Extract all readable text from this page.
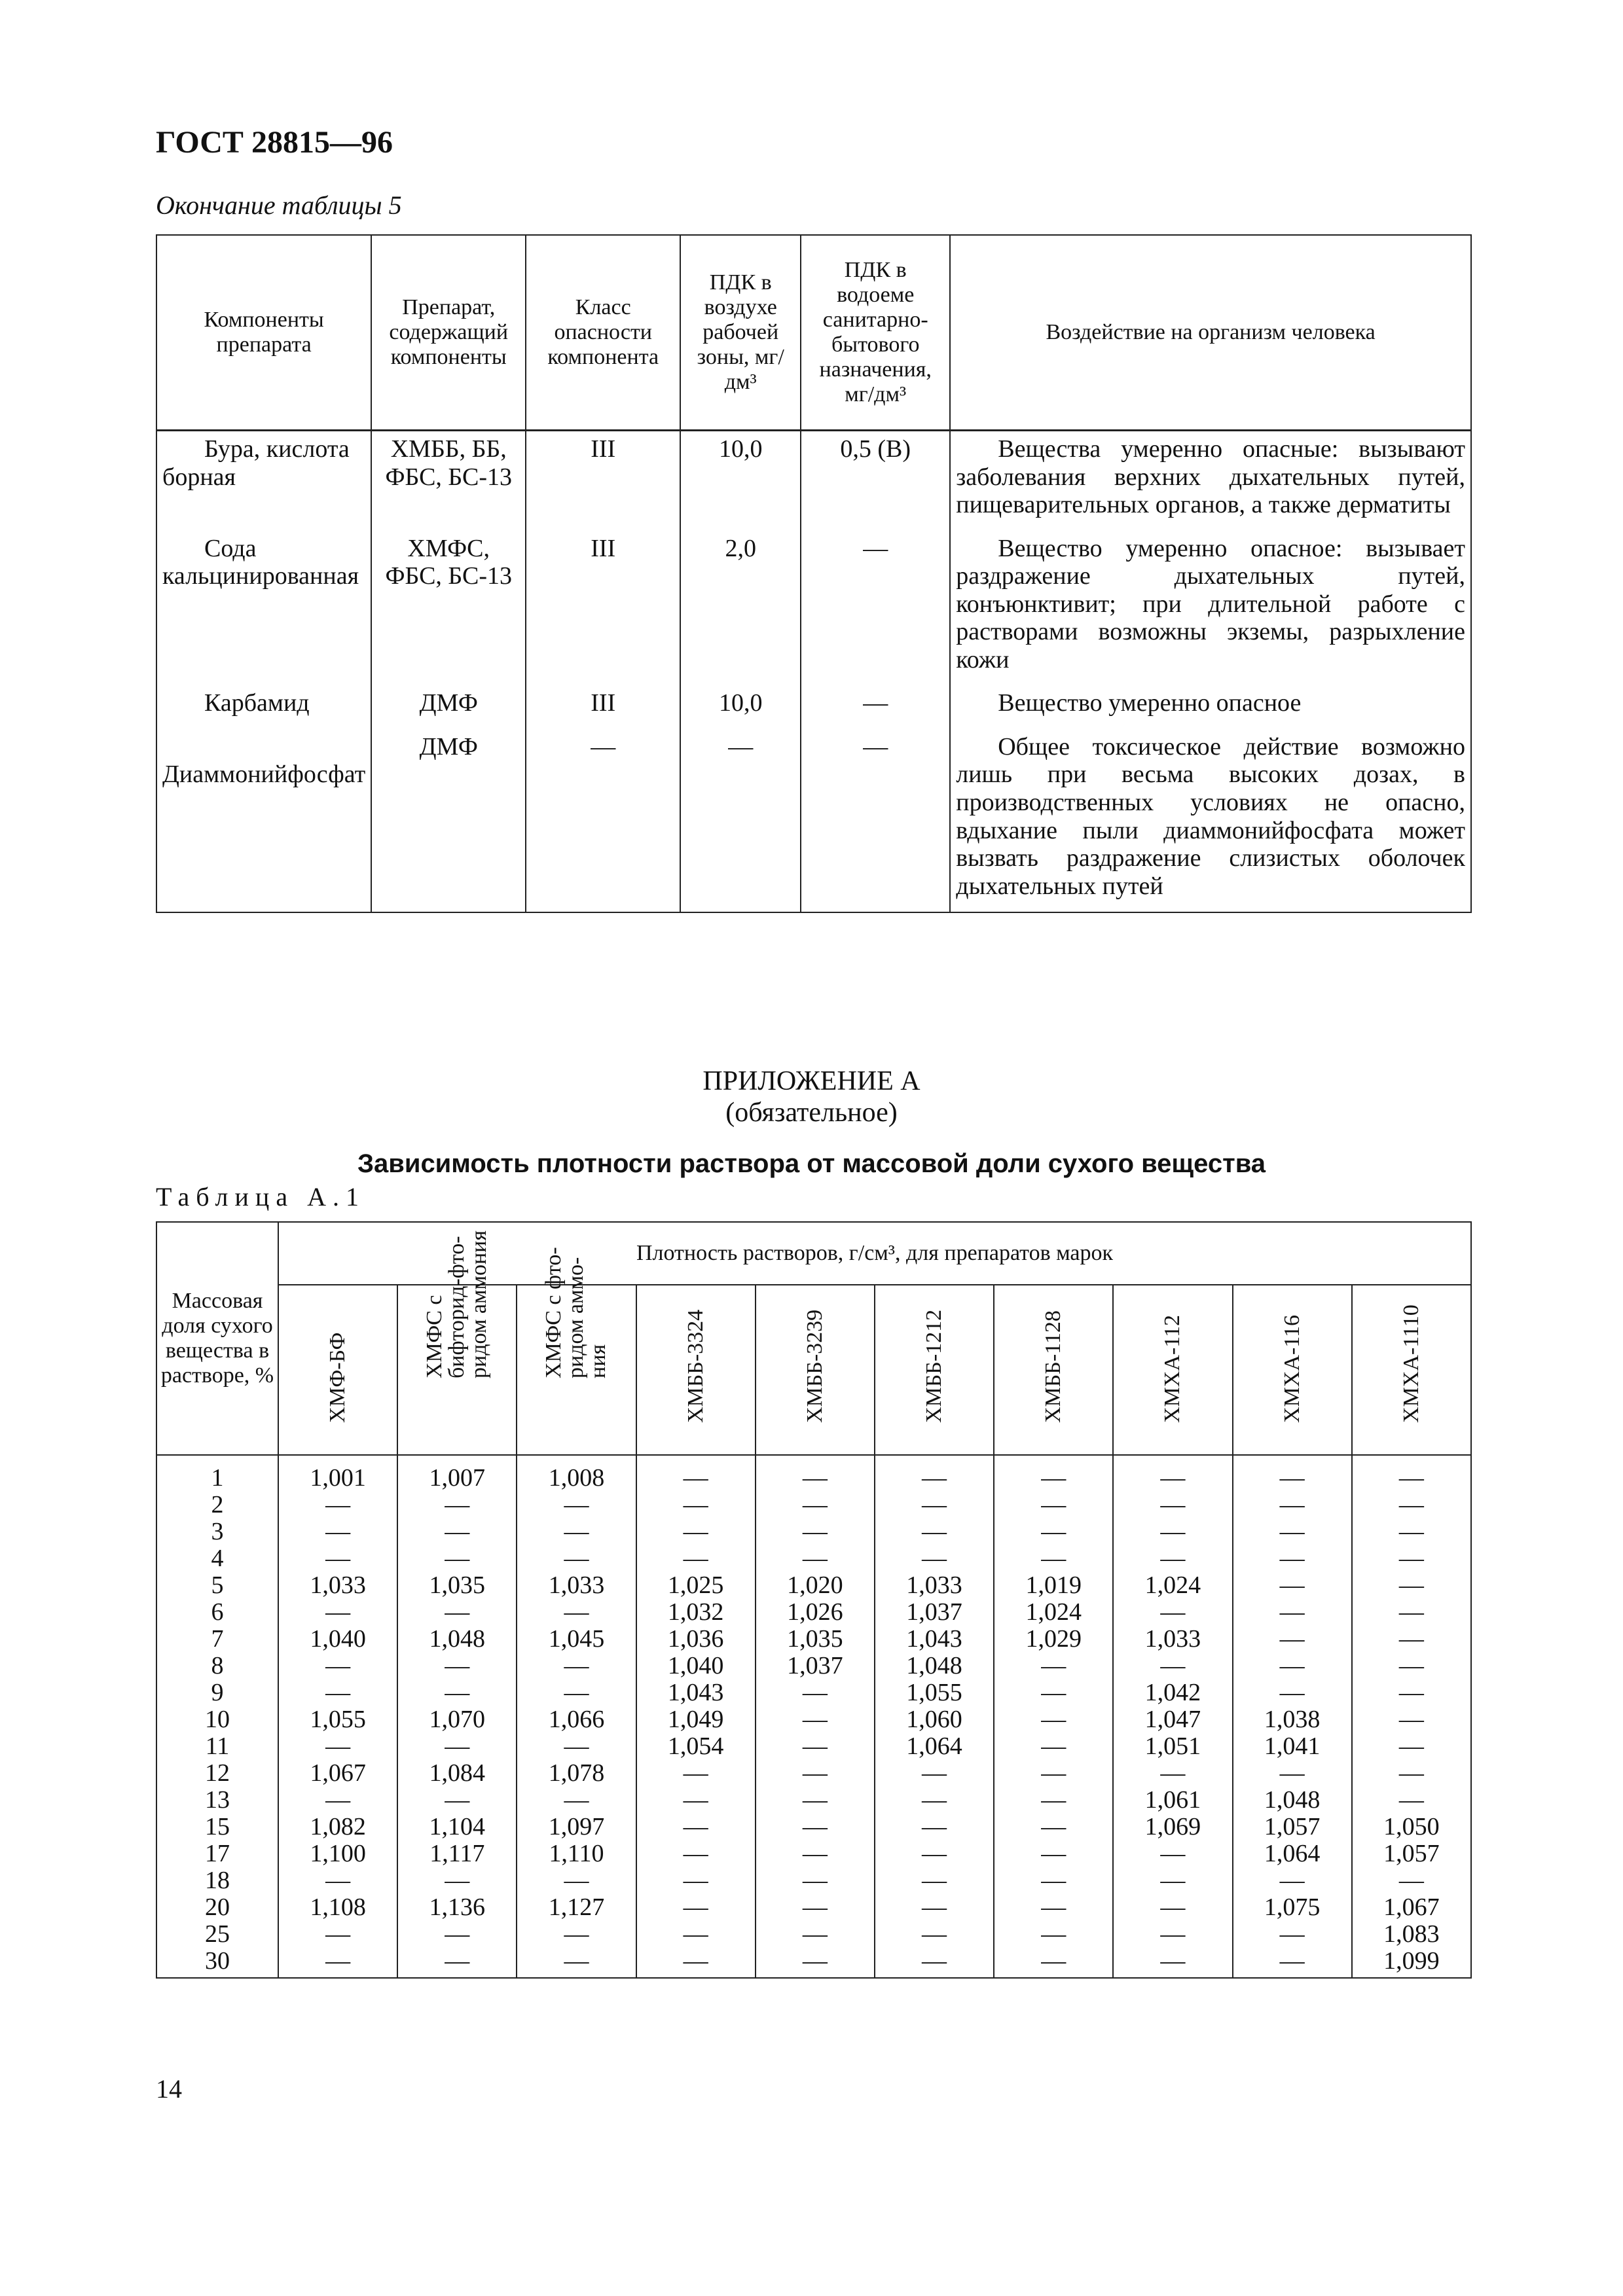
ГОСТ 28815—96
Окончание таблицы 5
Компоненты препарата	Препарат, содержащий компоненты	Класс опасности компонента	ПДК в воздухе рабочей зоны, мг/дм³	ПДК в водоеме санитарно-бытового назначения, мг/дм³	Воздействие на организм человека
Бура, кислота борная	ХМББ, ББ, ФБС, БС-13	III	10,0	0,5 (В)	Вещества умеренно опасные: вызывают заболевания верхних дыхательных путей, пищеварительных органов, а также дерматиты
Сода кальцинированная	ХМФС, ФБС, БС-13	III	2,0	—	Вещество умеренно опасное: вызывает раздражение дыхательных путей, конъюнктивит; при длительной работе с растворами возможны экземы, разрыхление кожи
Карбамид	ДМФ	III	10,0	—	Вещество умеренно опасное
Диаммонийфосфат	ДМФ	—	—	—	Общее токсическое действие возможно лишь при весьма высоких дозах, в производственных условиях не опасно, вдыхание пыли диаммонийфосфата может вызвать раздражение слизистых оболочек дыхательных путей
ПРИЛОЖЕНИЕ А
(обязательное)
Зависимость плотности раствора от массовой доли сухого вещества
Таблица А.1
Массовая доля сухого вещества в растворе, %	Плотность растворов, г/см³, для препаратов марок									

	ХМФ-БФ	ХМФС с
бифторид-фто-
ридом аммония	ХМФС с фто-
ридом аммо-
ния	ХМББ-3324	ХМББ-3239	ХМББ-1212	ХМББ-1128	ХМХА-112	ХМХА-116	ХМХА-1110

1	1,001	1,007	1,008	—	—	—	—	—	—	—
2	—	—	—	—	—	—	—	—	—	—
3	—	—	—	—	—	—	—	—	—	—
4	—	—	—	—	—	—	—	—	—	—
5	1,033	1,035	1,033	1,025	1,020	1,033	1,019	1,024	—	—
6	—	—	—	1,032	1,026	1,037	1,024	—	—	—
7	1,040	1,048	1,045	1,036	1,035	1,043	1,029	1,033	—	—
8	—	—	—	1,040	1,037	1,048	—	—	—	—
9	—	—	—	1,043	—	1,055	—	1,042	—	—
10	1,055	1,070	1,066	1,049	—	1,060	—	1,047	1,038	—
11	—	—	—	1,054	—	1,064	—	1,051	1,041	—
12	1,067	1,084	1,078	—	—	—	—	—	—	—
13	—	—	—	—	—	—	—	1,061	1,048	—
15	1,082	1,104	1,097	—	—	—	—	1,069	1,057	1,050
17	1,100	1,117	1,110	—	—	—	—	—	1,064	1,057
18	—	—	—	—	—	—	—	—	—	—
20	1,108	1,136	1,127	—	—	—	—	—	1,075	1,067
25	—	—	—	—	—	—	—	—	—	1,083
30	—	—	—	—	—	—	—	—	—	1,099
14
